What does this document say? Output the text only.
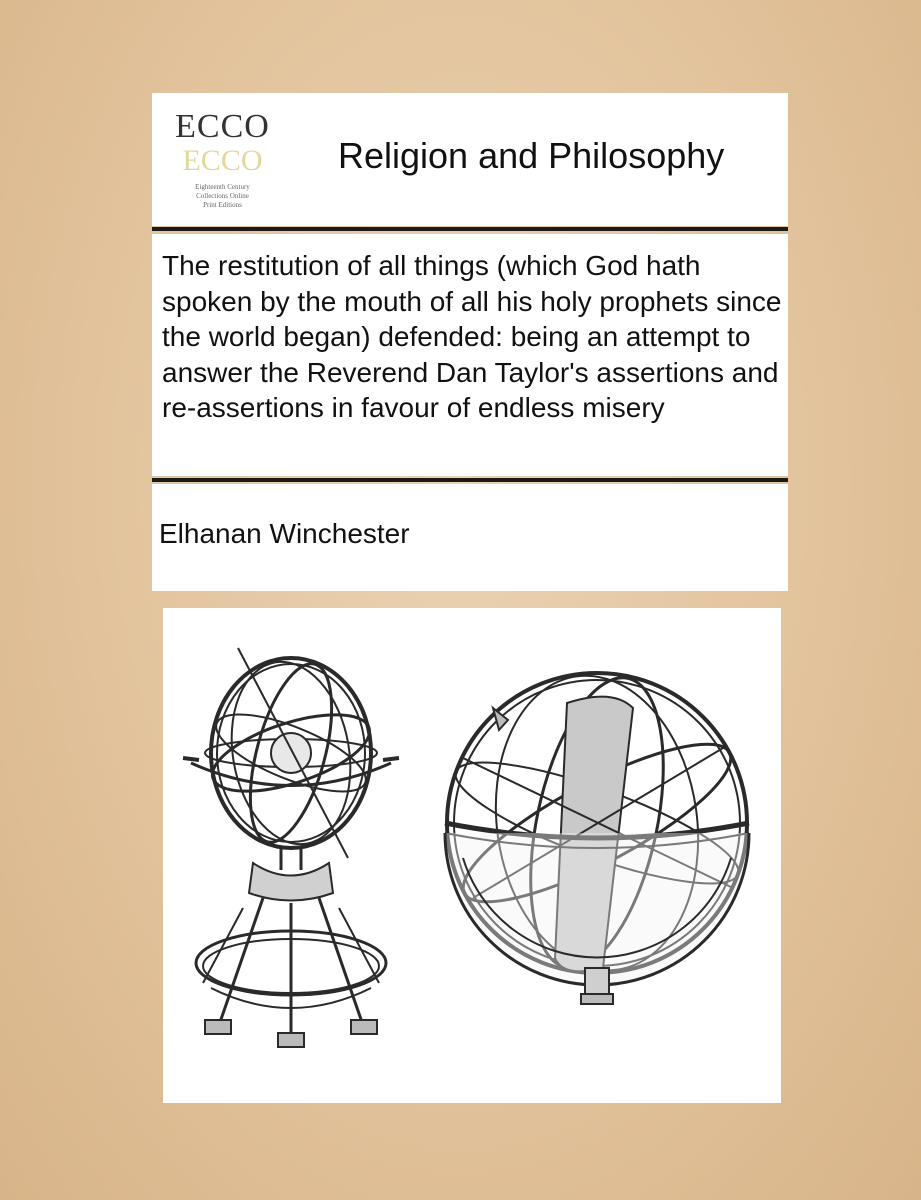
ECCO
ECCO
Eighteenth Century
Collections Online
Print Editions
Religion and Philosophy
The restitution of all things (which God hath spoken by the mouth of all his holy prophets since the world began) defended: being an attempt to answer the Reverend Dan Taylor's assertions and re-assertions in favour of endless misery
Elhanan Winchester
